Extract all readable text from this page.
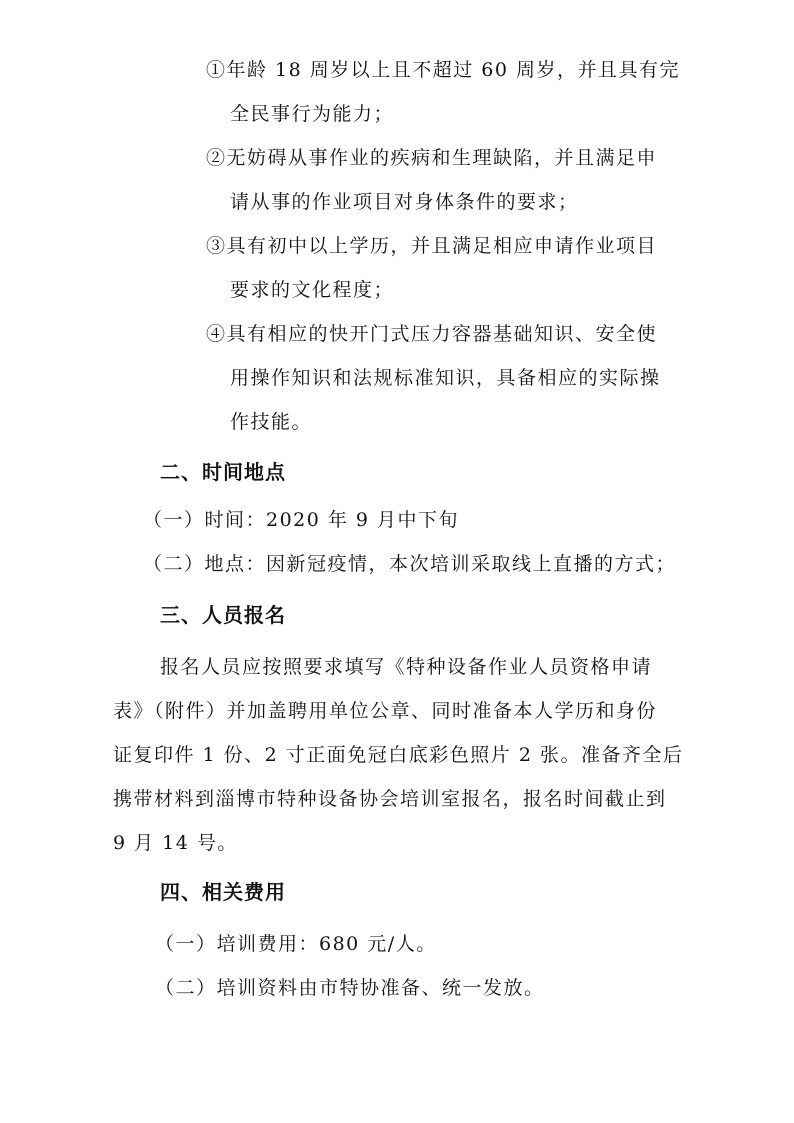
①年龄 18 周岁以上且不超过 60 周岁，并且具有完
全民事行为能力；
②无妨碍从事作业的疾病和生理缺陷，并且满足申
请从事的作业项目对身体条件的要求；
③具有初中以上学历，并且满足相应申请作业项目
要求的文化程度；
④具有相应的快开门式压力容器基础知识、安全使
用操作知识和法规标准知识，具备相应的实际操
作技能。
二、时间地点
（一）时间：2020 年 9 月中下旬
（二）地点：因新冠疫情，本次培训采取线上直播的方式；
三、人员报名
报名人员应按照要求填写《特种设备作业人员资格申请
表》（附件）并加盖聘用单位公章、同时准备本人学历和身份
证复印件 1 份、2 寸正面免冠白底彩色照片 2 张。准备齐全后
携带材料到淄博市特种设备协会培训室报名，报名时间截止到
9 月 14 号。
四、相关费用
（一）培训费用：680 元/人。
（二）培训资料由市特协准备、统一发放。
